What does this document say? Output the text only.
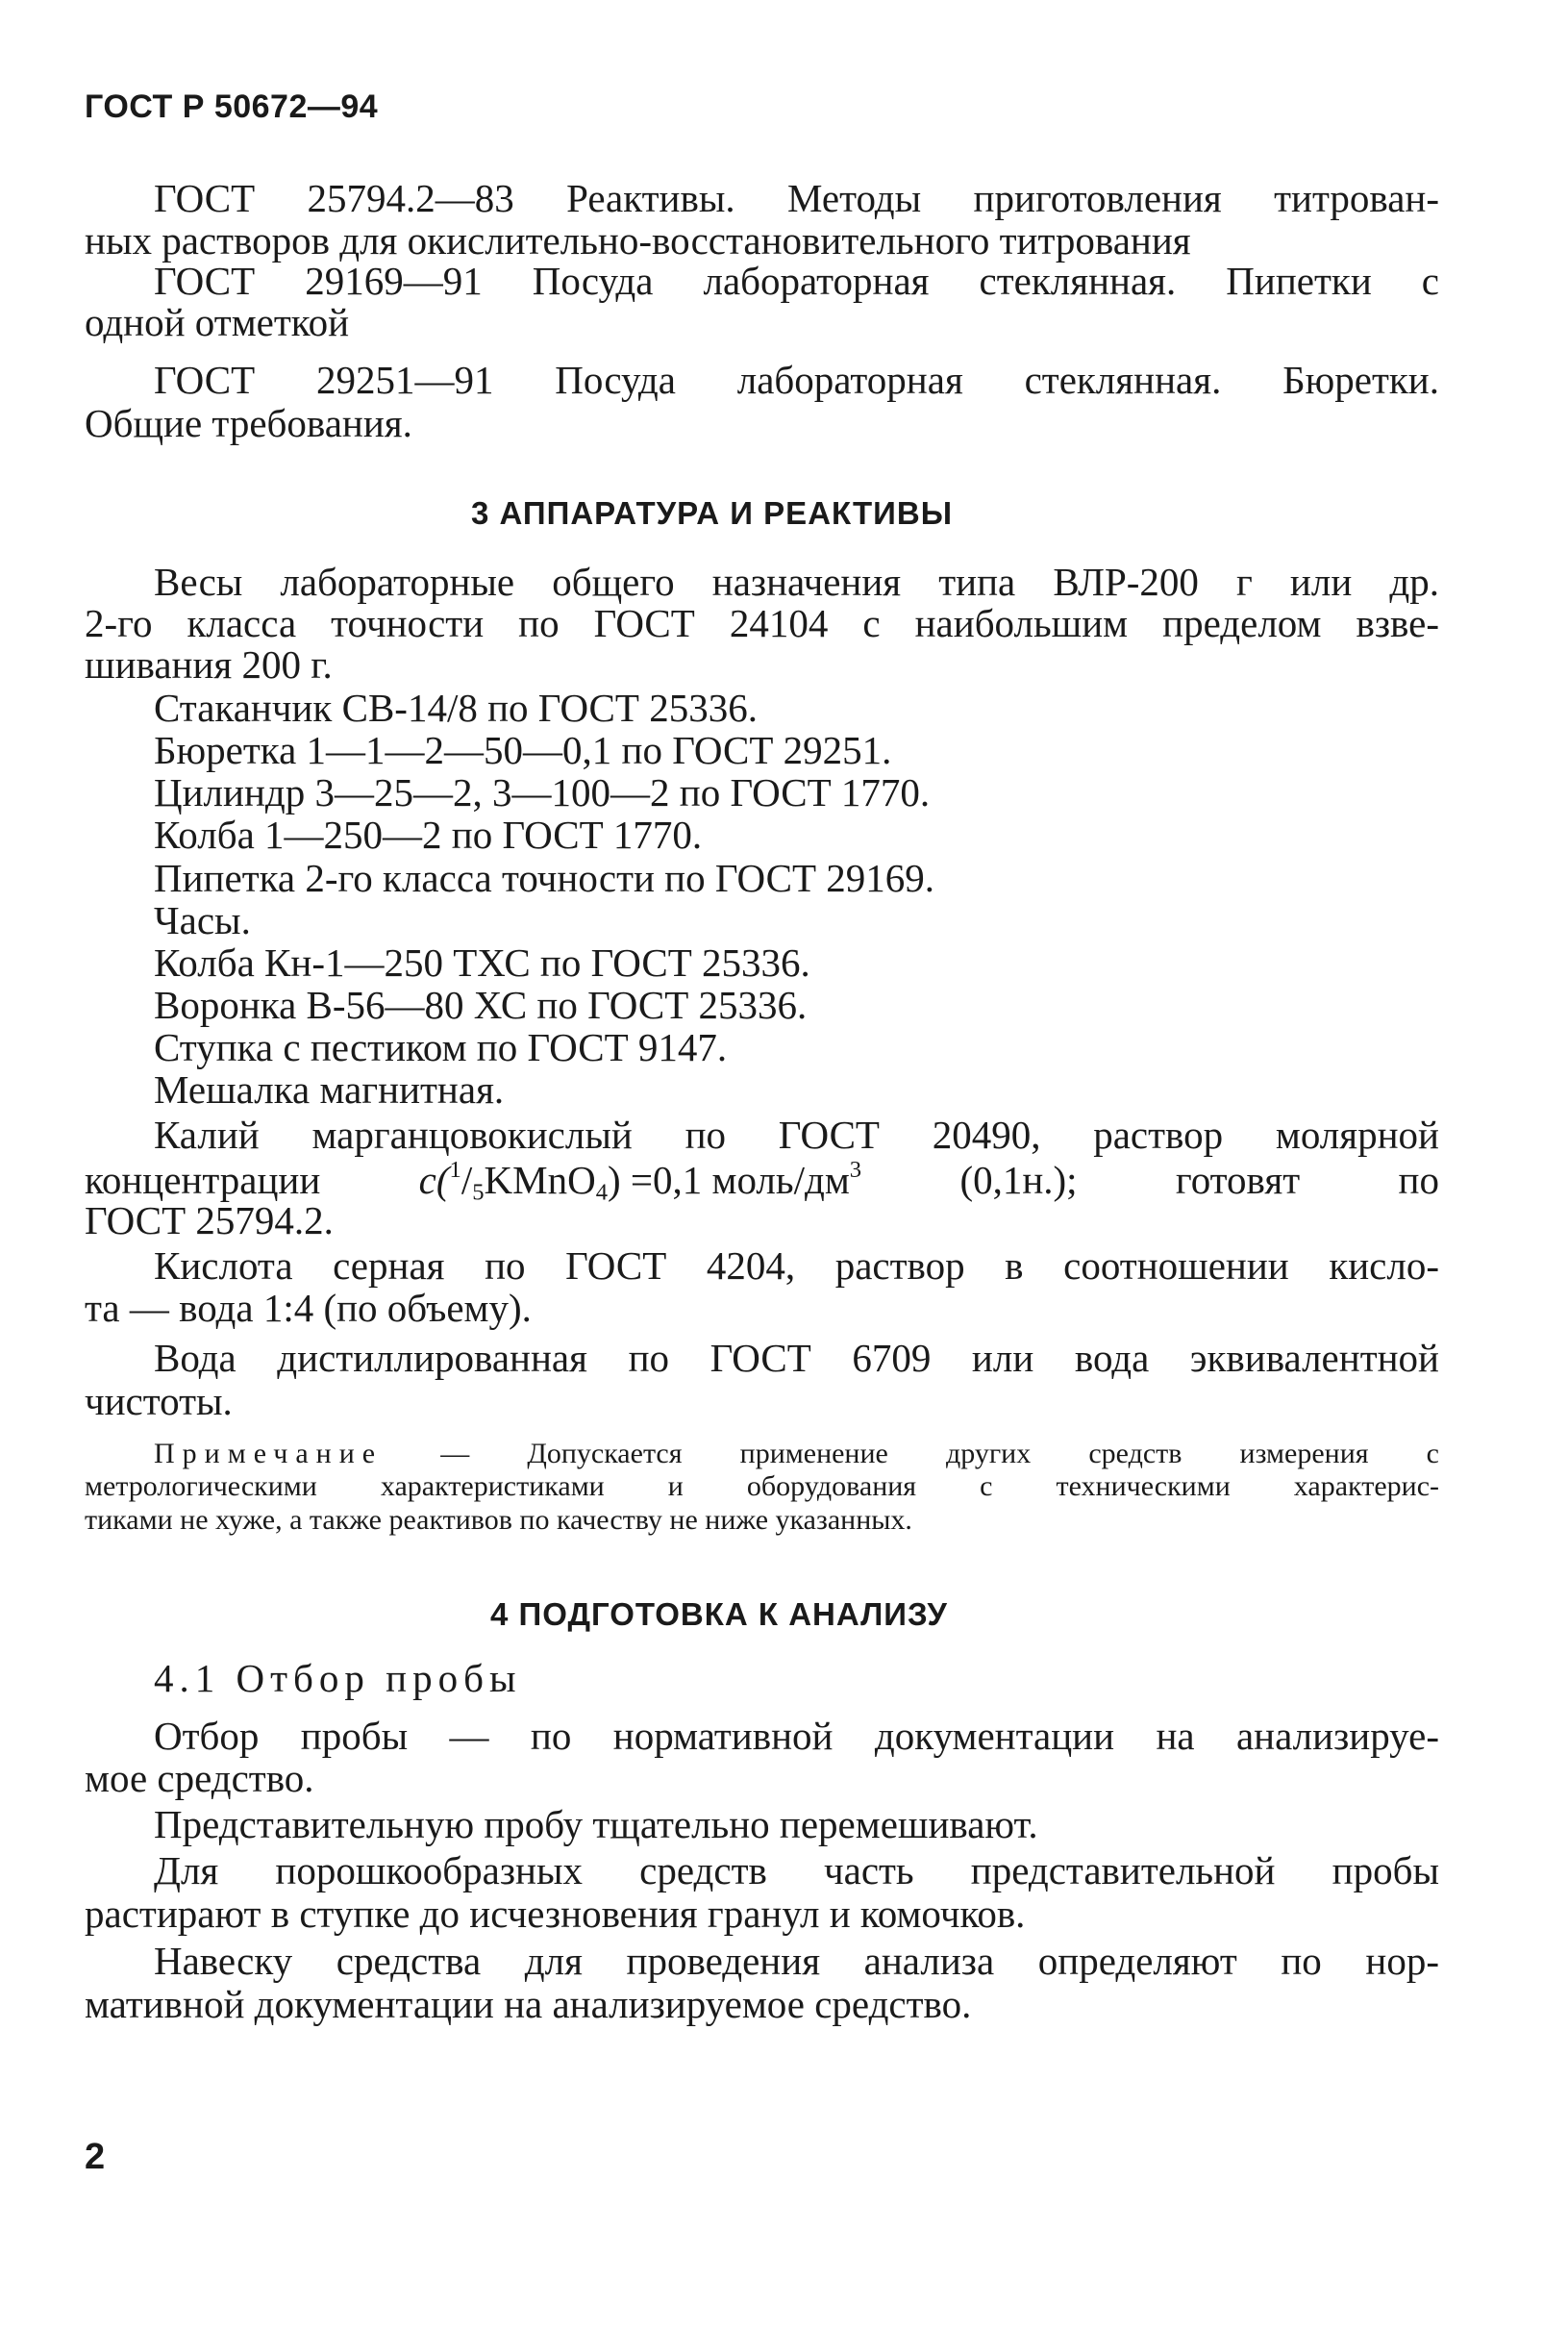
ГОСТ Р 50672—94
ГОСТ 25794.2—83 Реактивы. Методы приготовления титрован-
ных растворов для окислительно-восстановительного титрования
ГОСТ 29169—91 Посуда лабораторная стеклянная. Пипетки с
одной отметкой
ГОСТ 29251—91 Посуда лабораторная стеклянная. Бюретки.
Общие требования.
3 АППАРАТУРА И РЕАКТИВЫ
Весы лабораторные общего назначения типа ВЛР-200 г или др.
2-го класса точности по ГОСТ 24104 с наибольшим пределом взве-
шивания 200 г.
Стаканчик СВ-14/8 по ГОСТ 25336.
Бюретка 1—1—2—50—0,1 по ГОСТ 29251.
Цилиндр 3—25—2, 3—100—2 по ГОСТ 1770.
Колба 1—250—2 по ГОСТ 1770.
Пипетка 2-го класса точности по ГОСТ 29169.
Часы.
Колба Кн-1—250 ТХС по ГОСТ 25336.
Воронка В-56—80 ХС по ГОСТ 25336.
Ступка с пестиком по ГОСТ 9147.
Мешалка магнитная.
Калий марганцовокислый по ГОСТ 20490, раствор молярной
концентрации $c(^1/_5KMnO_4) =0,1$ моль/$дм^3$ (0,1н.); готовят по
ГОСТ 25794.2.
Кислота серная по ГОСТ 4204, раствор в соотношении кисло-
та — вода 1:4 (по объему).
Вода дистиллированная по ГОСТ 6709 или вода эквивалентной
чистоты.
Примечание — Допускается применение других средств измерения с
метрологическими характеристиками и оборудования с техническими характерис-
тиками не хуже, а также реактивов по качеству не ниже указанных.
4 ПОДГОТОВКА К АНАЛИЗУ
4.1 Отбор пробы
Отбор пробы — по нормативной документации на анализируе-
мое средство.
Представительную пробу тщательно перемешивают.
Для порошкообразных средств часть представительной пробы
растирают в ступке до исчезновения гранул и комочков.
Навеску средства для проведения анализа определяют по нор-
мативной документации на анализируемое средство.
2
